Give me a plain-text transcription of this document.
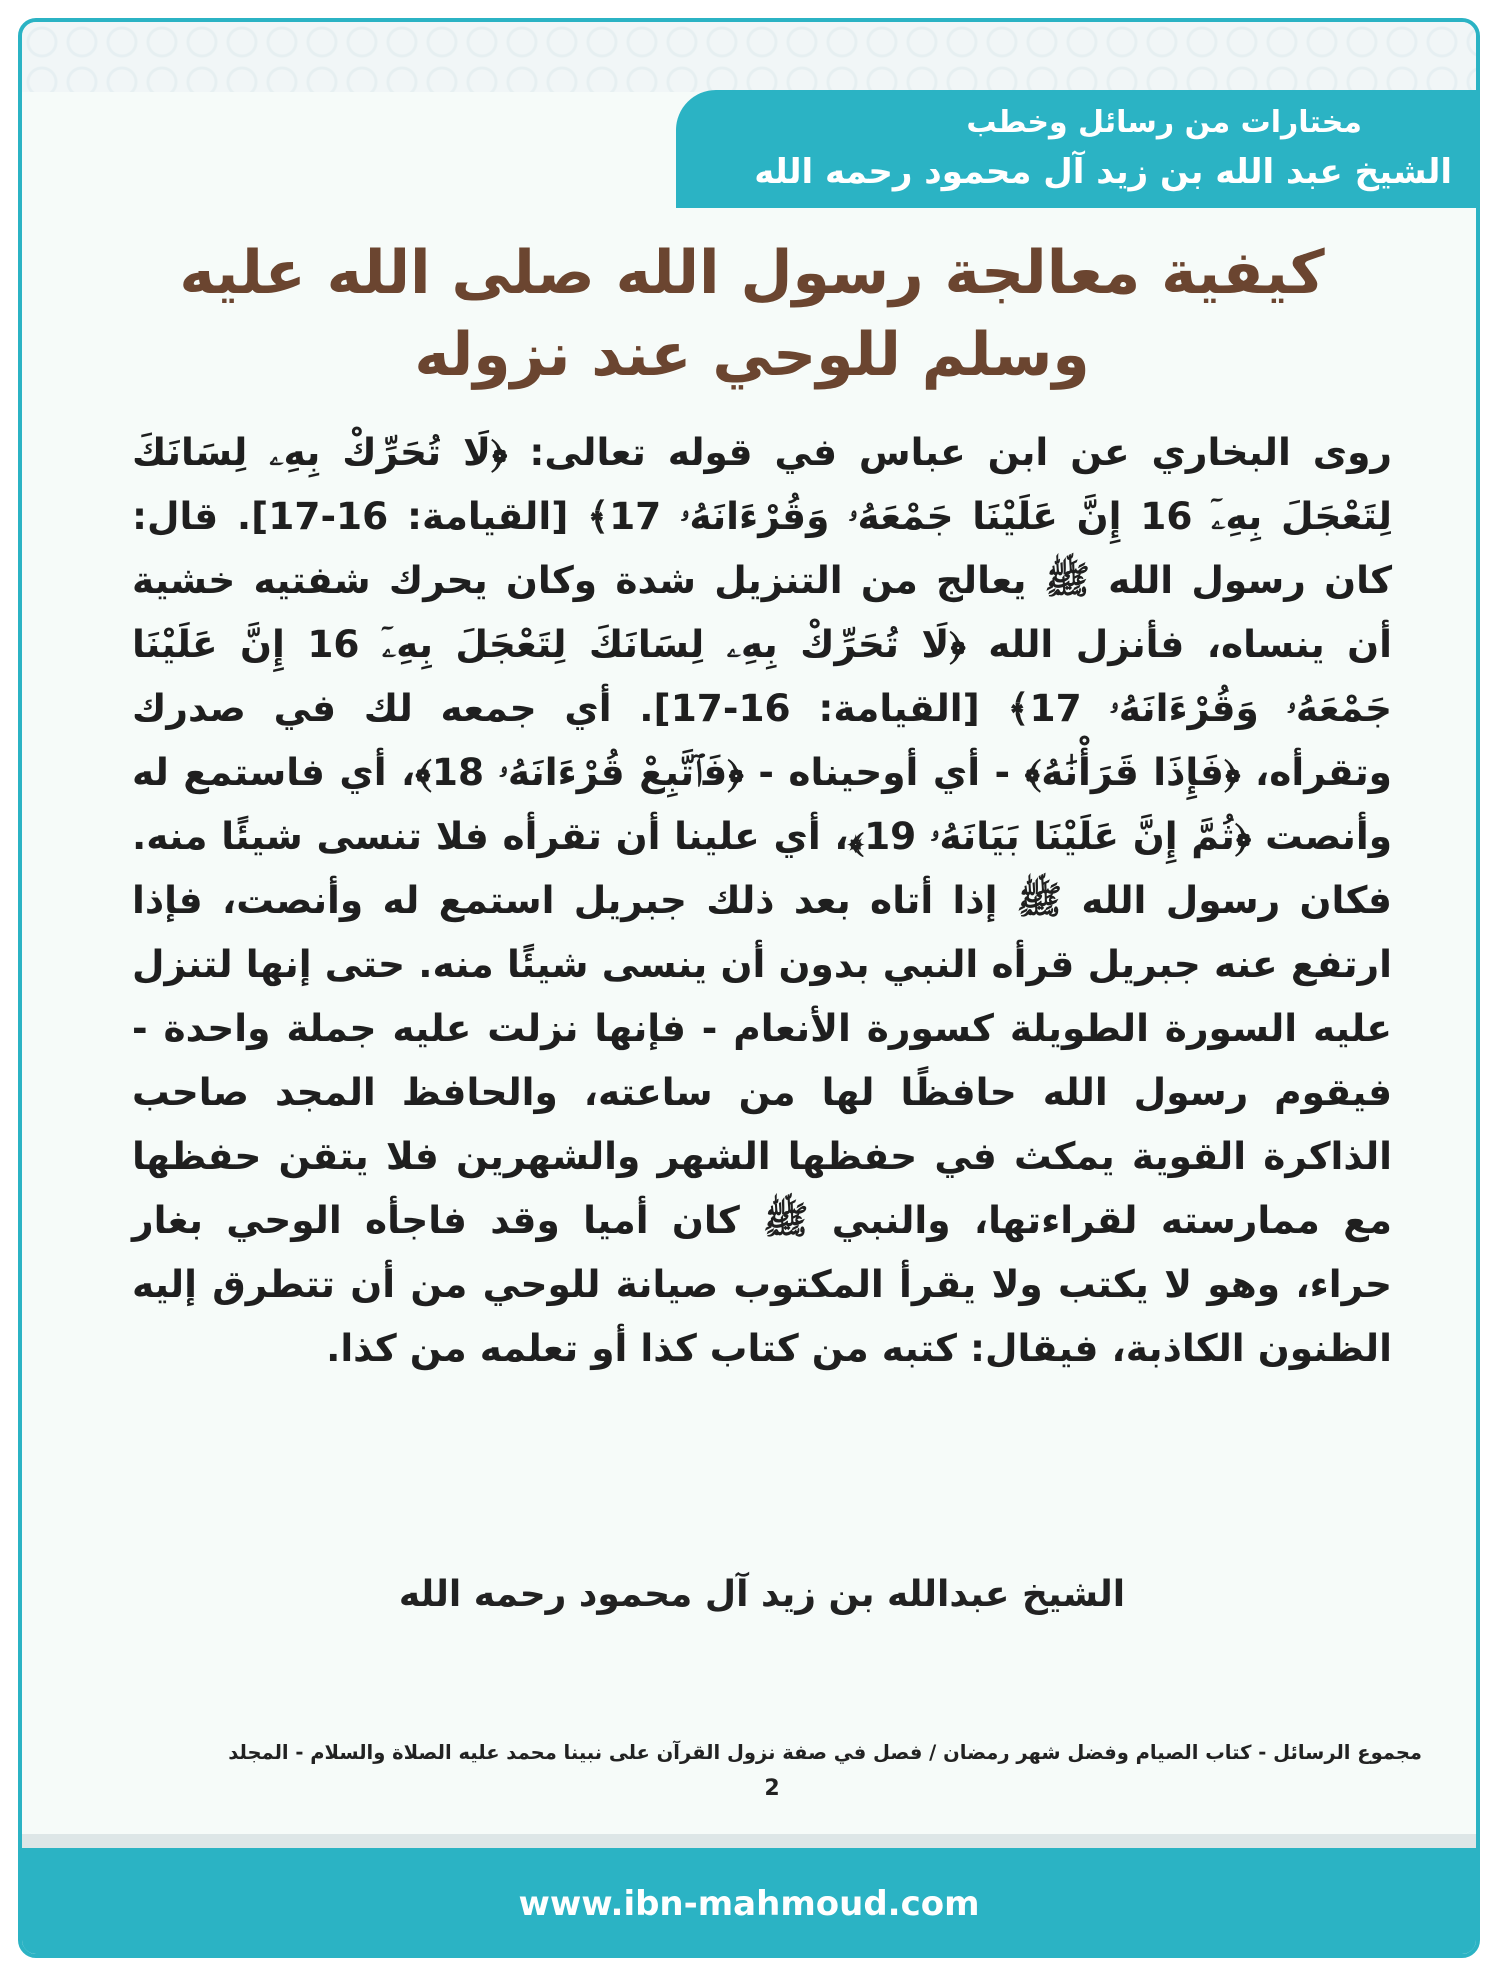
مختارات من رسائل وخطب
الشيخ عبد الله بن زيد آل محمود رحمه الله
كيفية معالجة رسول الله صلى الله عليه وسلم للوحي عند نزوله
روى البخاري عن ابن عباس في قوله تعالى: ﴿لَا تُحَرِّكْ بِهِۦ لِسَانَكَ لِتَعْجَلَ بِهِۦٓ 16 إِنَّ عَلَيْنَا جَمْعَهُۥ وَقُرْءَانَهُۥ 17﴾ [القيامة: 16-17]. قال: كان رسول الله ﷺ يعالج من التنزيل شدة وكان يحرك شفتيه خشية أن ينساه، فأنزل الله ﴿لَا تُحَرِّكْ بِهِۦ لِسَانَكَ لِتَعْجَلَ بِهِۦٓ 16 إِنَّ عَلَيْنَا جَمْعَهُۥ وَقُرْءَانَهُۥ 17﴾ [القيامة: 16-17]. أي جمعه لك في صدرك وتقرأه، ﴿فَإِذَا قَرَأْنَٰهُ﴾ - أي أوحيناه - ﴿فَٱتَّبِعْ قُرْءَانَهُۥ 18﴾، أي فاستمع له وأنصت ﴿ثُمَّ إِنَّ عَلَيْنَا بَيَانَهُۥ 19﴾، أي علينا أن تقرأه فلا تنسى شيئًا منه. فكان رسول الله ﷺ إذا أتاه بعد ذلك جبريل استمع له وأنصت، فإذا ارتفع عنه جبريل قرأه النبي بدون أن ينسى شيئًا منه. حتى إنها لتنزل عليه السورة الطويلة كسورة الأنعام - فإنها نزلت عليه جملة واحدة - فيقوم رسول الله حافظًا لها من ساعته، والحافظ المجد صاحب الذاكرة القوية يمكث في حفظها الشهر والشهرين فلا يتقن حفظها مع ممارسته لقراءتها، والنبي ﷺ كان أميا وقد فاجأه الوحي بغار حراء، وهو لا يكتب ولا يقرأ المكتوب صيانة للوحي من أن تتطرق إليه الظنون الكاذبة، فيقال: كتبه من كتاب كذا أو تعلمه من كذا.
الشيخ عبدالله بن زيد آل محمود رحمه الله
مجموع الرسائل - كتاب الصيام وفضل شهر رمضان / فصل في صفة نزول القرآن على نبينا محمد عليه الصلاة والسلام - المجلد
2
www.ibn-mahmoud.com
